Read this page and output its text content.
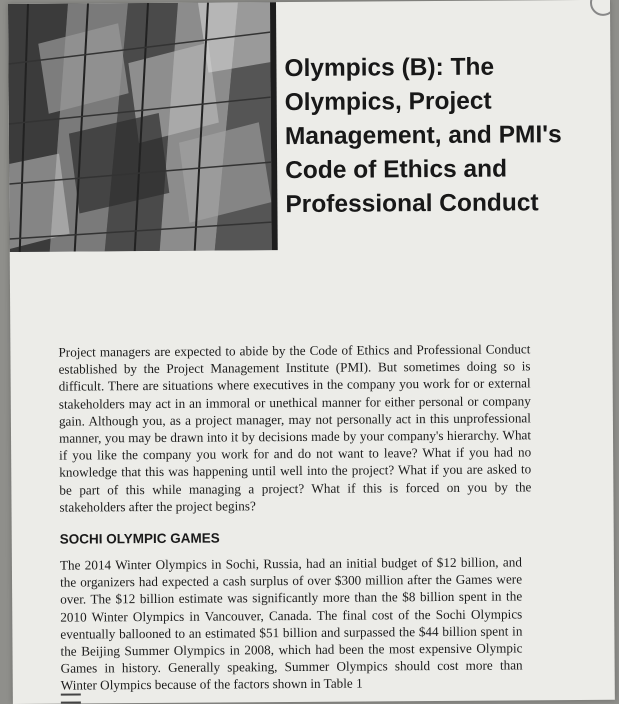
Olympics (B): The Olympics, Project Management, and PMI's Code of Ethics and Professional Conduct

Project managers are expected to abide by the Code of Ethics and Professional Conduct established by the Project Management Institute (PMI). But sometimes doing so is difficult. There are situations where executives in the company you work for or external stakeholders may act in an immoral or unethical manner for either personal or company gain. Although you, as a project manager, may not personally act in this unprofessional manner, you may be drawn into it by decisions made by your company's hierarchy. What if you like the company you work for and do not want to leave? What if you had no knowledge that this was happening until well into the project? What if you are asked to be part of this while managing a project? What if this is forced on you by the stakeholders after the project begins?

SOCHI OLYMPIC GAMES

The 2014 Winter Olympics in Sochi, Russia, had an initial budget of $12 billion, and the organizers had expected a cash surplus of over $300 million after the Games were over. The $12 billion estimate was significantly more than the $8 billion spent in the 2010 Winter Olympics in Vancouver, Canada. The final cost of the Sochi Olympics eventually ballooned to an estimated $51 billion and surpassed the $44 billion spent in the Beijing Summer Olympics in 2008, which had been the most expensive Olympic Games in history. Generally speaking, Summer Olympics should cost more than Winter Olympics because of the factors shown in Table 1
